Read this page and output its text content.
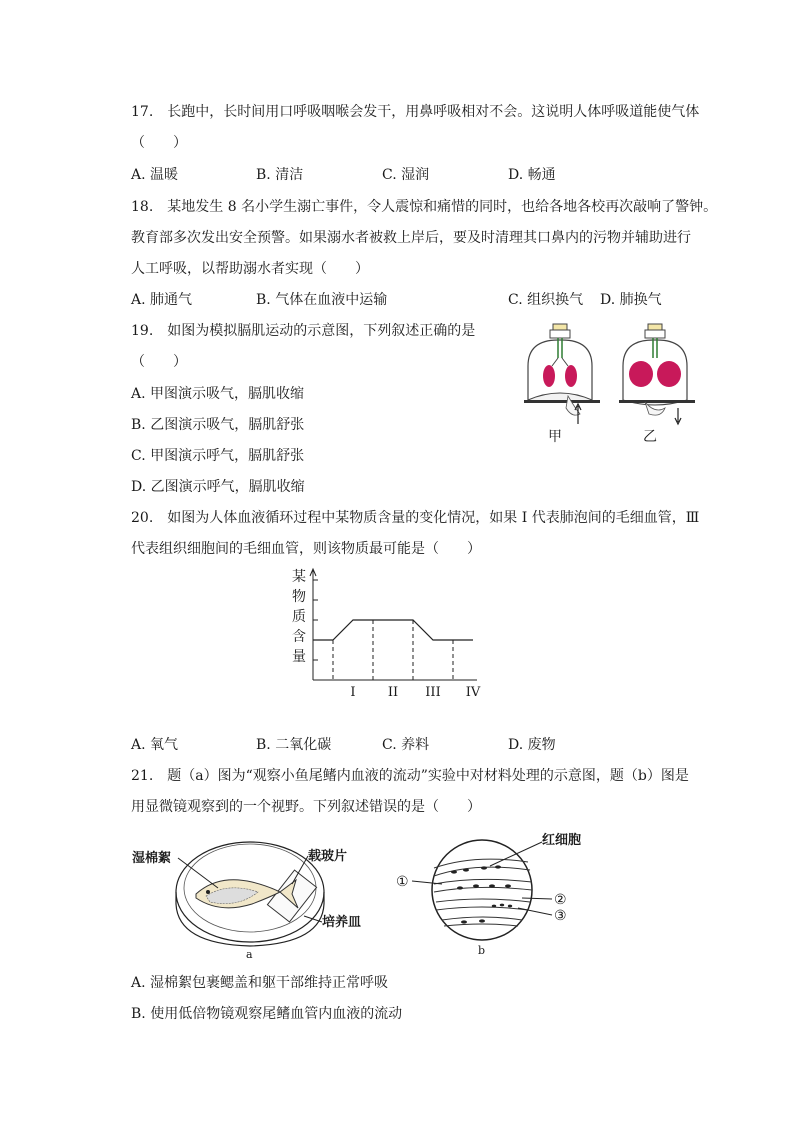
17.　长跑中，长时间用口呼吸咽喉会发干，用鼻呼吸相对不会。这说明人体呼吸道能使气体
（　　）
A. 温暖	B. 清洁	C. 湿润	D. 畅通
18.　某地发生 8 名小学生溺亡事件，令人震惊和痛惜的同时，也给各地各校再次敲响了警钟。
教育部多次发出安全预警。如果溺水者被救上岸后，要及时清理其口鼻内的污物并辅助进行
人工呼吸，以帮助溺水者实现（　　）
A. 肺通气	B. 气体在血液中运输	C. 组织换气 D. 肺换气
19.　如图为模拟膈肌运动的示意图，下列叙述正确的是
（　　）
A. 甲图演示吸气，膈肌收缩
B. 乙图演示吸气，膈肌舒张
C. 甲图演示呼气，膈肌舒张
D. 乙图演示呼气，膈肌收缩
甲	乙
20.　如图为人体血液循环过程中某物质含量的变化情况，如果 I 代表肺泡间的毛细血管，Ⅲ
代表组织细胞间的毛细血管，则该物质最可能是（　　）
某
物
质
含
量
I II III IV
A. 氧气	B. 二氧化碳	C. 养料	D. 废物
21.　题（a）图为“观察小鱼尾鳍内血液的流动”实验中对材料处理的示意图，题（b）图是
用显微镜观察到的一个视野。下列叙述错误的是（　　）
湿棉絮	载玻片
培养皿
a
红细胞
①
②
③
b
A. 湿棉絮包裹鳃盖和躯干部维持正常呼吸
B. 使用低倍物镜观察尾鳍血管内血液的流动
